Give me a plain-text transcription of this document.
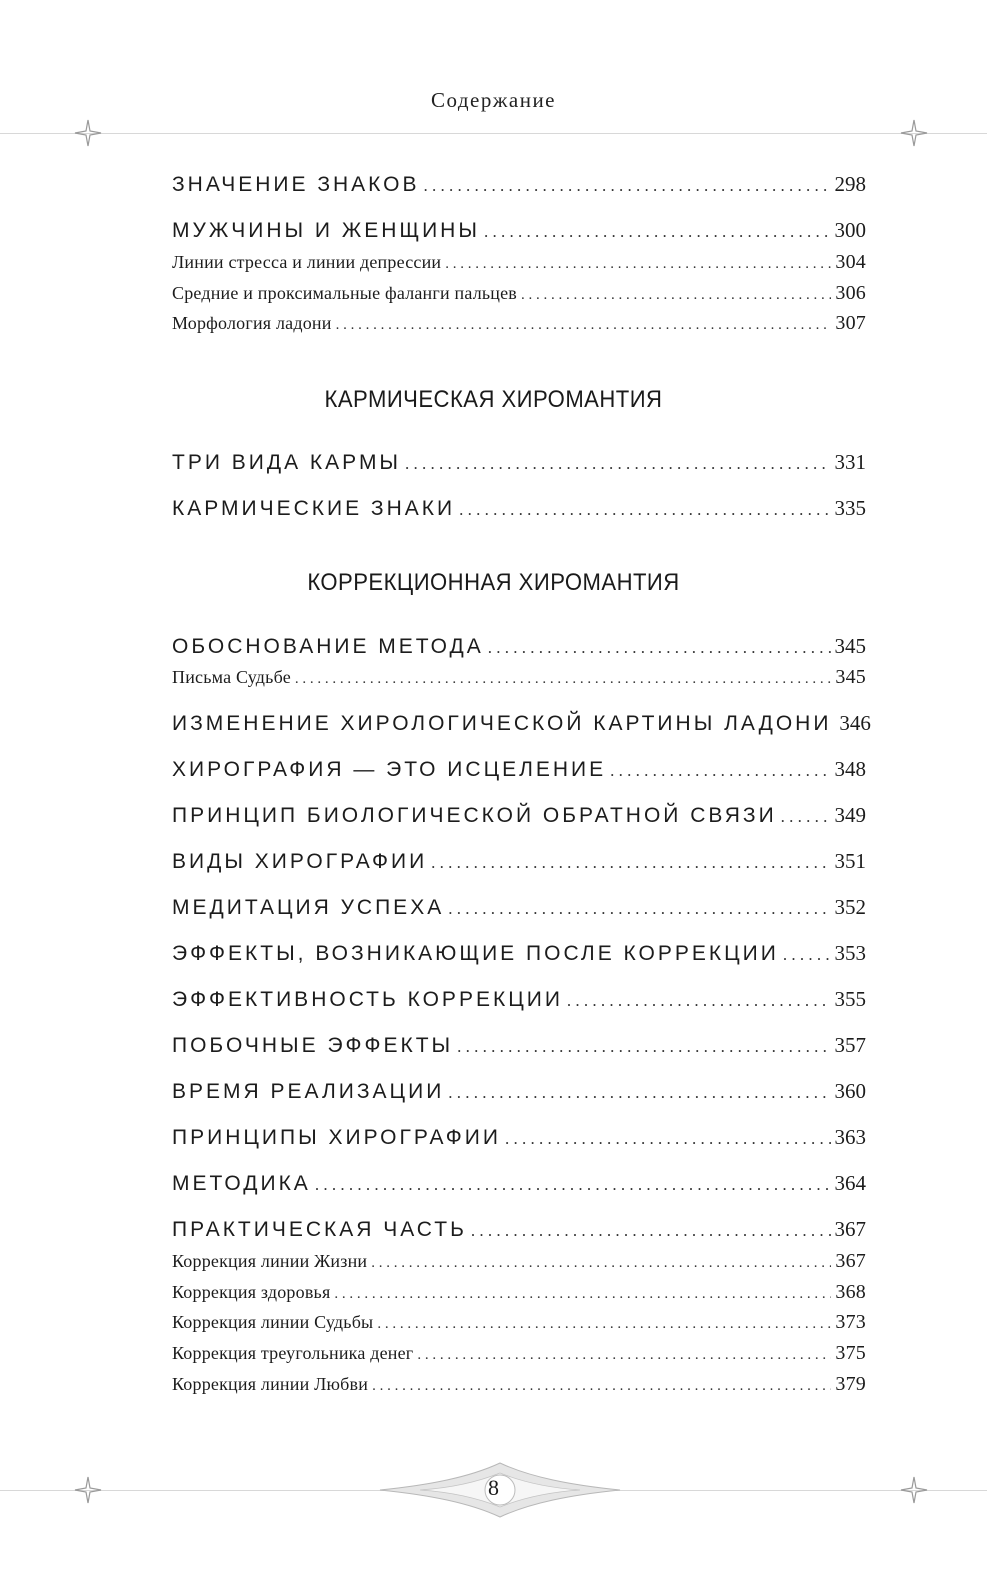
Содержание
ЗНАЧЕНИЕ ЗНАКОВ . . .	298
МУЖЧИНЫ И ЖЕНЩИНЫ . . .	300
Линии стресса и линии депрессии . . .	304
Средние и проксимальные фаланги пальцев . . .	306
Морфология ладони . . .	307
КАРМИЧЕСКАЯ ХИРОМАНТИЯ
ТРИ ВИДА КАРМЫ . . .	331
КАРМИЧЕСКИЕ ЗНАКИ . . .	335
КОРРЕКЦИОННАЯ ХИРОМАНТИЯ
ОБОСНОВАНИЕ МЕТОДА . . .	345
Письма Судьбе . . .	345
ИЗМЕНЕНИЕ ХИРОЛОГИЧЕСКОЙ КАРТИНЫ ЛАДОНИ 346
ХИРОГРАФИЯ — ЭТО ИСЦЕЛЕНИЕ . . .	348
ПРИНЦИП БИОЛОГИЧЕСКОЙ ОБРАТНОЙ СВЯЗИ . . .	349
ВИДЫ ХИРОГРАФИИ . . .	351
МЕДИТАЦИЯ УСПЕХА . . .	352
ЭФФЕКТЫ, ВОЗНИКАЮЩИЕ ПОСЛЕ КОРРЕКЦИИ . . .	353
ЭФФЕКТИВНОСТЬ КОРРЕКЦИИ . . .	355
ПОБОЧНЫЕ ЭФФЕКТЫ . . .	357
ВРЕМЯ РЕАЛИЗАЦИИ . . .	360
ПРИНЦИПЫ ХИРОГРАФИИ . . .	363
МЕТОДИКА . . .	364
ПРАКТИЧЕСКАЯ ЧАСТЬ . . .	367
Коррекция линии Жизни . . .	367
Коррекция здоровья . . .	368
Коррекция линии Судьбы . . .	373
Коррекция треугольника денег . . .	375
Коррекция линии Любви . . .	379
8
